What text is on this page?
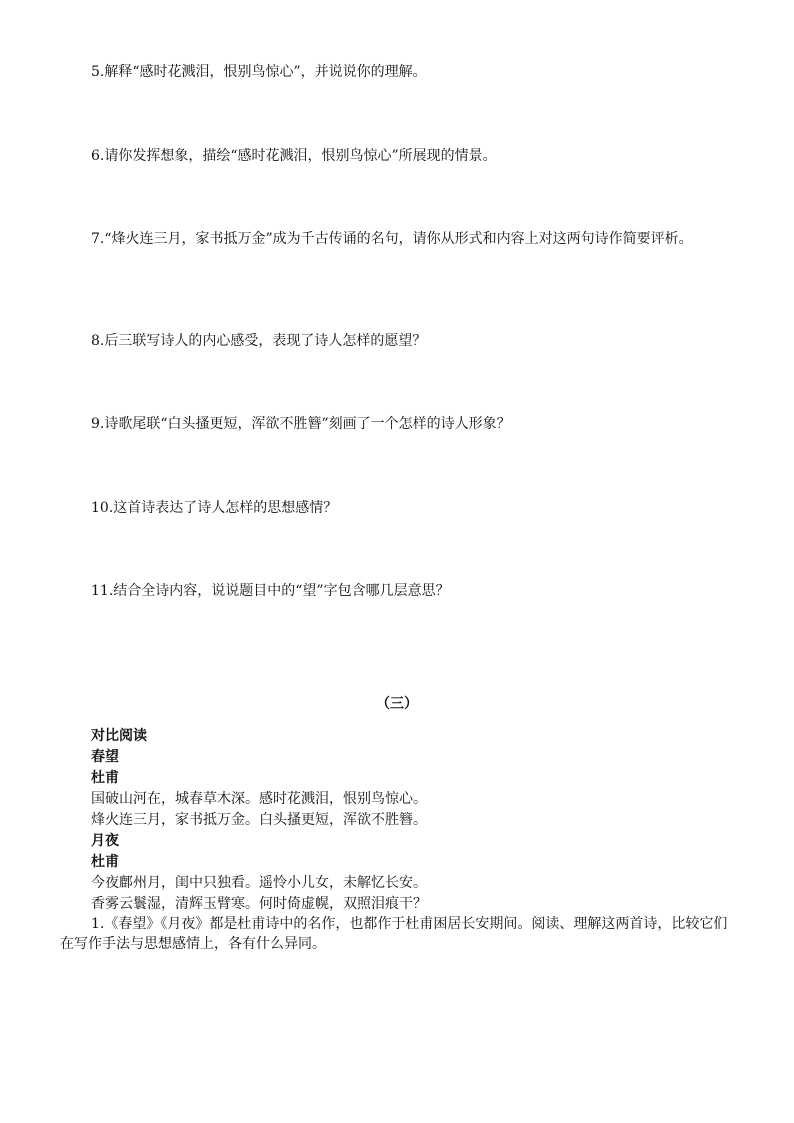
5.解释“感时花溅泪，恨别鸟惊心”，并说说你的理解。
6.请你发挥想象，描绘“感时花溅泪，恨别鸟惊心”所展现的情景。
7.“烽火连三月，家书抵万金”成为千古传诵的名句，请你从形式和内容上对这两句诗作简要评析。
8.后三联写诗人的内心感受，表现了诗人怎样的愿望？
9.诗歌尾联“白头搔更短，浑欲不胜簪”刻画了一个怎样的诗人形象？
10.这首诗表达了诗人怎样的思想感情？
11.结合全诗内容，说说题目中的“望”字包含哪几层意思？
（三）
对比阅读
春望
杜甫
国破山河在，城春草木深。感时花溅泪，恨别鸟惊心。
烽火连三月，家书抵万金。白头搔更短，浑欲不胜簪。
月夜
杜甫
今夜鄜州月，闺中只独看。遥怜小儿女，未解忆长安。
香雾云鬟湿，清辉玉臂寒。何时倚虚幌，双照泪痕干？
1.《春望》《月夜》都是杜甫诗中的名作，也都作于杜甫困居长安期间。阅读、理解这两首诗，比较它们在写作手法与思想感情上，各有什么异同。
